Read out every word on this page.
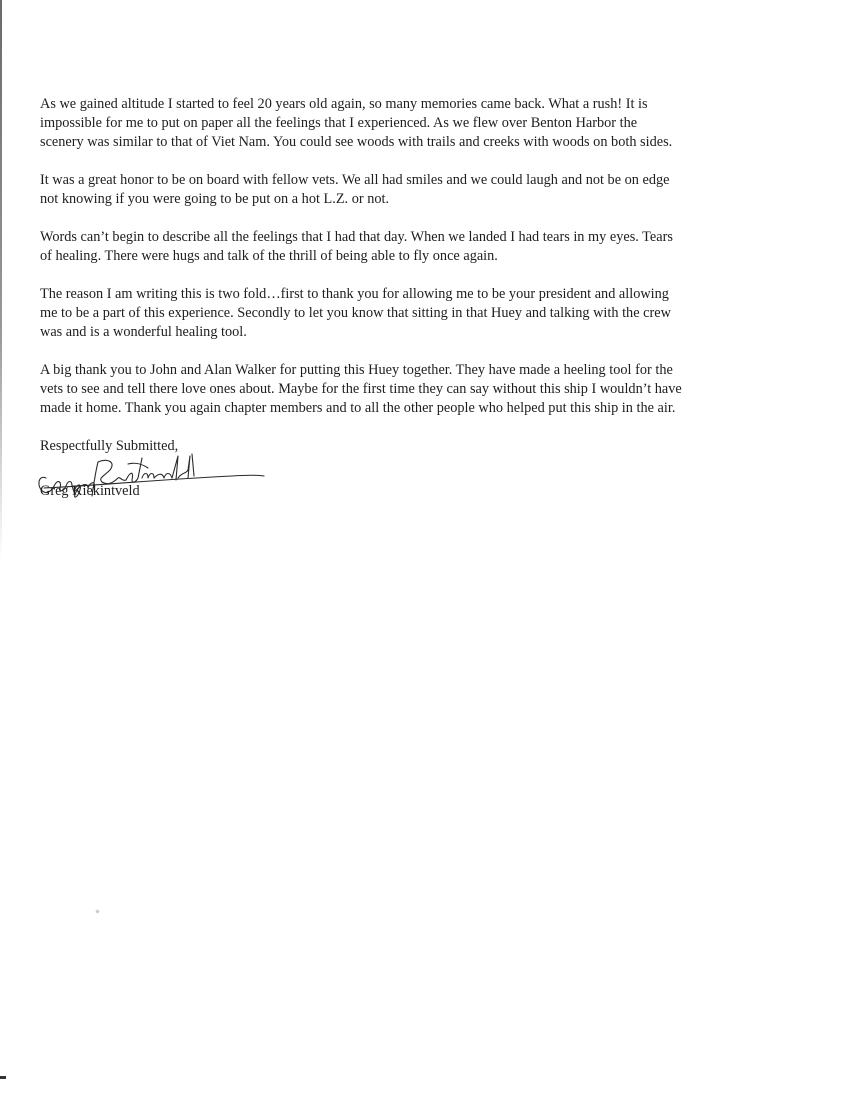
As we gained altitude I started to feel 20 years old again, so many memories came back. What a rush! It is
impossible for me to put on paper all the feelings that I experienced. As we flew over Benton Harbor the
scenery was similar to that of Viet Nam. You could see woods with trails and creeks with woods on both sides.

It was a great honor to be on board with fellow vets. We all had smiles and we could laugh and not be on edge
not knowing if you were going to be put on a hot L.Z. or not.

Words can’t begin to describe all the feelings that I had that day. When we landed I had tears in my eyes. Tears
of healing. There were hugs and talk of the thrill of being able to fly once again.

The reason I am writing this is two fold…first to thank you for allowing me to be your president and allowing
me to be a part of this experience. Secondly to let you know that sitting in that Huey and talking with the crew
was and is a wonderful healing tool.

A big thank you to John and Alan Walker for putting this Huey together. They have made a heeling tool for the
vets to see and tell there love ones about. Maybe for the first time they can say without this ship I wouldn’t have
made it home. Thank you again chapter members and to all the other people who helped put this ship in the air.

Respectfully Submitted,
Greg Kiekintveld
